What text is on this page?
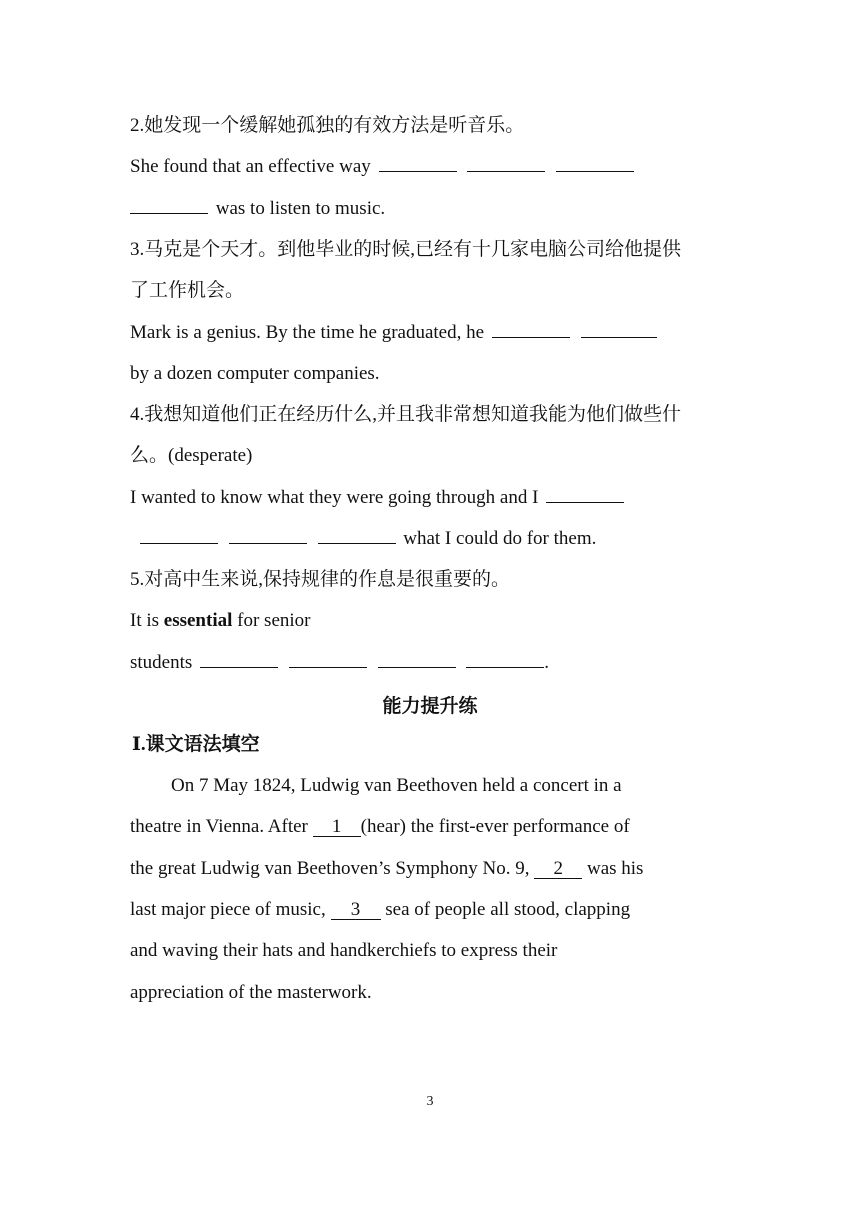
2.她发现一个缓解她孤独的有效方法是听音乐。
She found that an effective way
was to listen to music.
3.马克是个天才。到他毕业的时候,已经有十几家电脑公司给他提供
了工作机会。
Mark is a genius. By the time he graduated, he
by a dozen computer companies.
4.我想知道他们正在经历什么,并且我非常想知道我能为他们做些什
么。(desperate)
I wanted to know what they were going through and I
what I could do for them.
5.对高中生来说,保持规律的作息是很重要的。
It is essential for senior
students	.
能力提升练
Ⅰ.课文语法填空
On 7 May 1824, Ludwig van Beethoven held a concert in a
theatre in Vienna. After 1 (hear) the first-ever performance of
the great Ludwig van Beethoven’s Symphony No. 9, 2 was his
last major piece of music, 3 sea of people all stood, clapping
and waving their hats and handkerchiefs to express their
appreciation of the masterwork.
3
